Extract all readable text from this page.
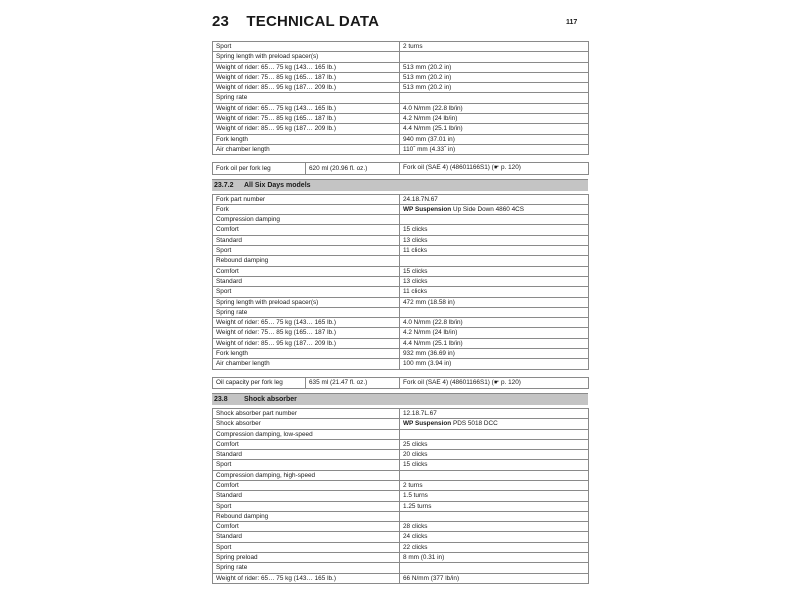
23 TECHNICAL DATA	117
Sport	2 turns
Spring length with preload spacer(s)	
Weight of rider: 65… 75 kg (143… 165 lb.)	513 mm (20.2 in)
Weight of rider: 75… 85 kg (165… 187 lb.)	513 mm (20.2 in)
Weight of rider: 85… 95 kg (187… 209 lb.)	513 mm (20.2 in)
Spring rate	
Weight of rider: 65… 75 kg (143… 165 lb.)	4.0 N/mm (22.8 lb/in)
Weight of rider: 75… 85 kg (165… 187 lb.)	4.2 N/mm (24 lb/in)
Weight of rider: 85… 95 kg (187… 209 lb.)	4.4 N/mm (25.1 lb/in)
Fork length	940 mm (37.01 in)
Air chamber length	110ˆ mm (4.33ˆ in)
Fork oil per fork leg	620 ml (20.96 fl. oz.)	Fork oil (SAE 4) (48601166S1) (☛ p. 120)
23.7.2 All Six Days models
Fork part number	24.18.7N.67
Fork	WP Suspension Up Side Down 4860 4CS
Compression damping	
Comfort	15 clicks
Standard	13 clicks
Sport	11 clicks
Rebound damping	
Comfort	15 clicks
Standard	13 clicks
Sport	11 clicks
Spring length with preload spacer(s)	472 mm (18.58 in)
Spring rate	
Weight of rider: 65… 75 kg (143… 165 lb.)	4.0 N/mm (22.8 lb/in)
Weight of rider: 75… 85 kg (165… 187 lb.)	4.2 N/mm (24 lb/in)
Weight of rider: 85… 95 kg (187… 209 lb.)	4.4 N/mm (25.1 lb/in)
Fork length	932 mm (36.69 in)
Air chamber length	100 mm (3.94 in)
Oil capacity per fork leg	635 ml (21.47 fl. oz.)	Fork oil (SAE 4) (48601166S1) (☛ p. 120)
23.8 Shock absorber
Shock absorber part number	12.18.7L.67
Shock absorber	WP Suspension PDS 5018 DCC
Compression damping, low-speed	
Comfort	25 clicks
Standard	20 clicks
Sport	15 clicks
Compression damping, high-speed	
Comfort	2 turns
Standard	1.5 turns
Sport	1.25 turns
Rebound damping	
Comfort	28 clicks
Standard	24 clicks
Sport	22 clicks
Spring preload	8 mm (0.31 in)
Spring rate	
Weight of rider: 65… 75 kg (143… 165 lb.)	66 N/mm (377 lb/in)
